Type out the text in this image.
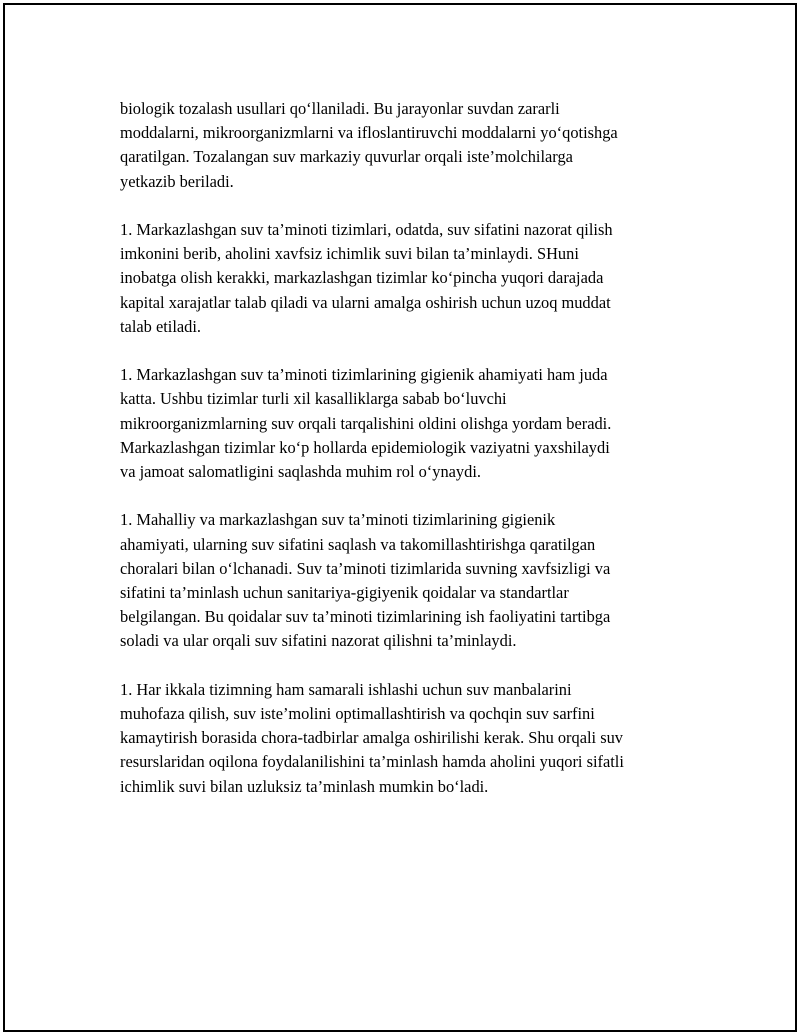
biologik tozalash usullari qo‘llaniladi. Bu jarayonlar suvdan zararli
moddalarni, mikroorganizmlarni va ifloslantiruvchi moddalarni yo‘qotishga
qaratilgan. Tozalangan suv markaziy quvurlar orqali iste’molchilarga
yetkazib beriladi.

1. Markazlashgan suv ta’minoti tizimlari, odatda, suv sifatini nazorat qilish
imkonini berib, aholini xavfsiz ichimlik suvi bilan ta’minlaydi. SHuni
inobatga olish kerakki, markazlashgan tizimlar ko‘pincha yuqori darajada
kapital xarajatlar talab qiladi va ularni amalga oshirish uchun uzoq muddat
talab etiladi.

1. Markazlashgan suv ta’minoti tizimlarining gigienik ahamiyati ham juda
katta. Ushbu tizimlar turli xil kasalliklarga sabab bo‘luvchi
mikroorganizmlarning suv orqali tarqalishini oldini olishga yordam beradi.
Markazlashgan tizimlar ko‘p hollarda epidemiologik vaziyatni yaxshilaydi
va jamoat salomatligini saqlashda muhim rol o‘ynaydi.

1. Mahalliy va markazlashgan suv ta’minoti tizimlarining gigienik
ahamiyati, ularning suv sifatini saqlash va takomillashtirishga qaratilgan
choralari bilan o‘lchanadi. Suv ta’minoti tizimlarida suvning xavfsizligi va
sifatini ta’minlash uchun sanitariya-gigiyenik qoidalar va standartlar
belgilangan. Bu qoidalar suv ta’minoti tizimlarining ish faoliyatini tartibga
soladi va ular orqali suv sifatini nazorat qilishni ta’minlaydi.

1. Har ikkala tizimning ham samarali ishlashi uchun suv manbalarini
muhofaza qilish, suv iste’molini optimallashtirish va qochqin suv sarfini
kamaytirish borasida chora-tadbirlar amalga oshirilishi kerak. Shu orqali suv
resurslaridan oqilona foydalanilishini ta’minlash hamda aholini yuqori sifatli
ichimlik suvi bilan uzluksiz ta’minlash mumkin bo‘ladi.
